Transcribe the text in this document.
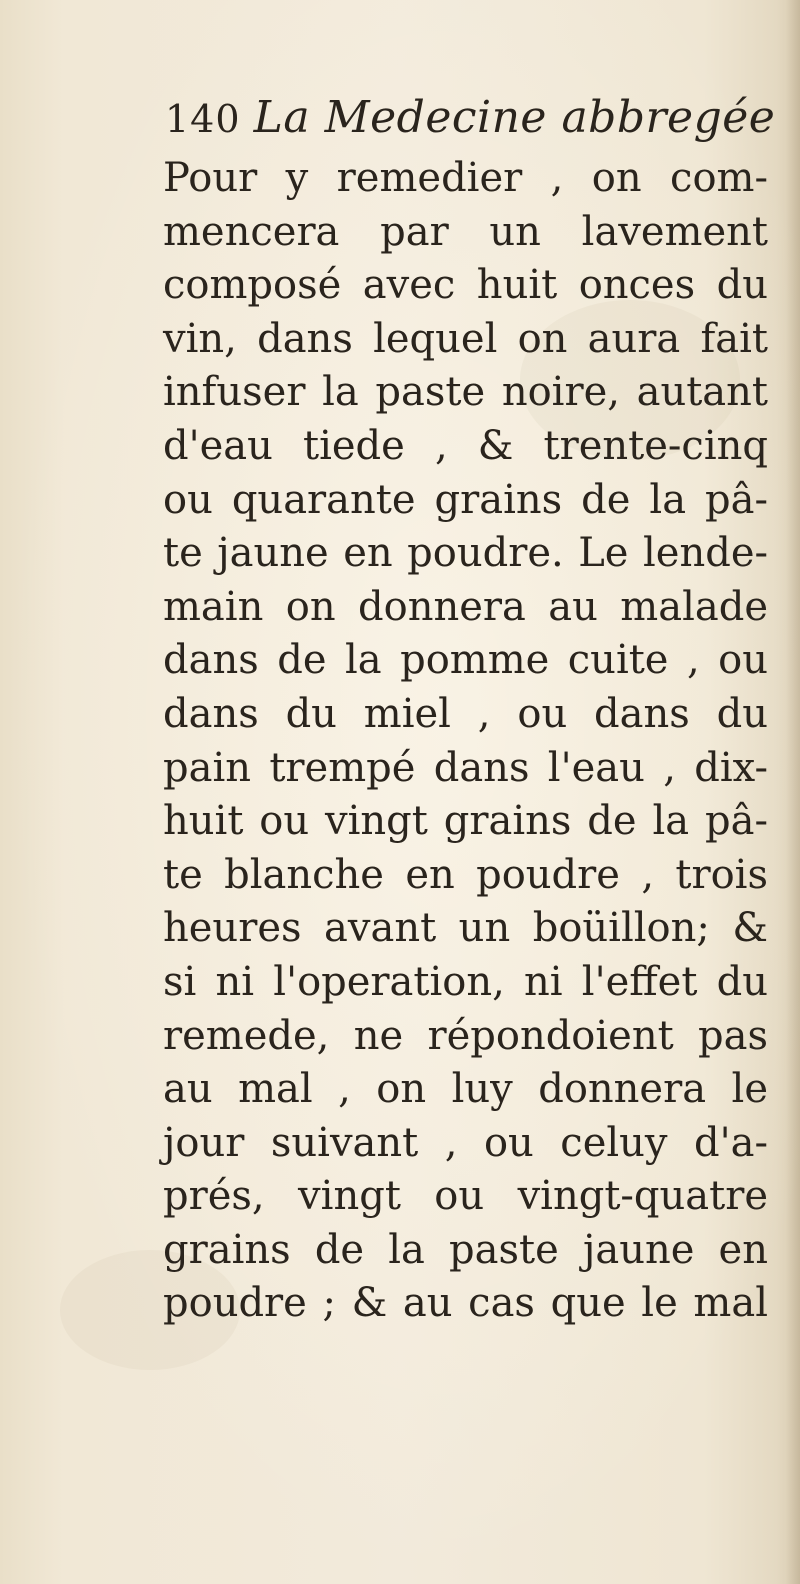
140 La Medecine abbregée
Pour y remedier , on com-
mencera par un lavement
composé avec huit onces du
vin, dans lequel on aura fait
infuser la paste noire, autant
d'eau tiede , & trente-cinq
ou quarante grains de la pâ-
te jaune en poudre. Le lende-
main on donnera au malade
dans de la pomme cuite , ou
dans du miel , ou dans du
pain trempé dans l'eau , dix-
huit ou vingt grains de la pâ-
te blanche en poudre , trois
heures avant un boüillon; &
si ni l'operation, ni l'effet du
remede, ne répondoient pas
au mal , on luy donnera le
jour suivant , ou celuy d'a-
prés, vingt ou vingt-quatre
grains de la paste jaune en
poudre ; & au cas que le mal
